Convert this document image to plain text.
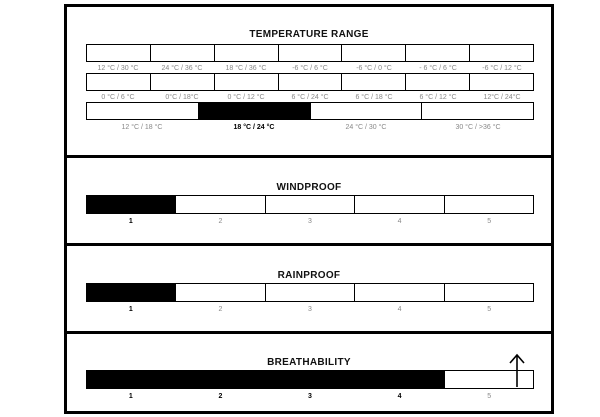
TEMPERATURE RANGE
12 °C / 30 °C	24 °C / 36 °C	18 °C / 36 °C	-6 °C / 6 °C	-6 °C / 0 °C	- 6 °C / 6 °C	-6 °C / 12 °C
0 °C / 6 °C	0°C / 18°C	0 °C / 12 °C	6 °C / 24 °C	6 °C / 18 °C	6 °C / 12 °C	12°C / 24°C
12 °C / 18 °C	18 °C / 24 °C	24 °C / 30 °C	30 °C / >36 °C
WINDPROOF
1	2	3	4	5
RAINPROOF
1	2	3	4	5
BREATHABILITY
1	2	3	4	5
